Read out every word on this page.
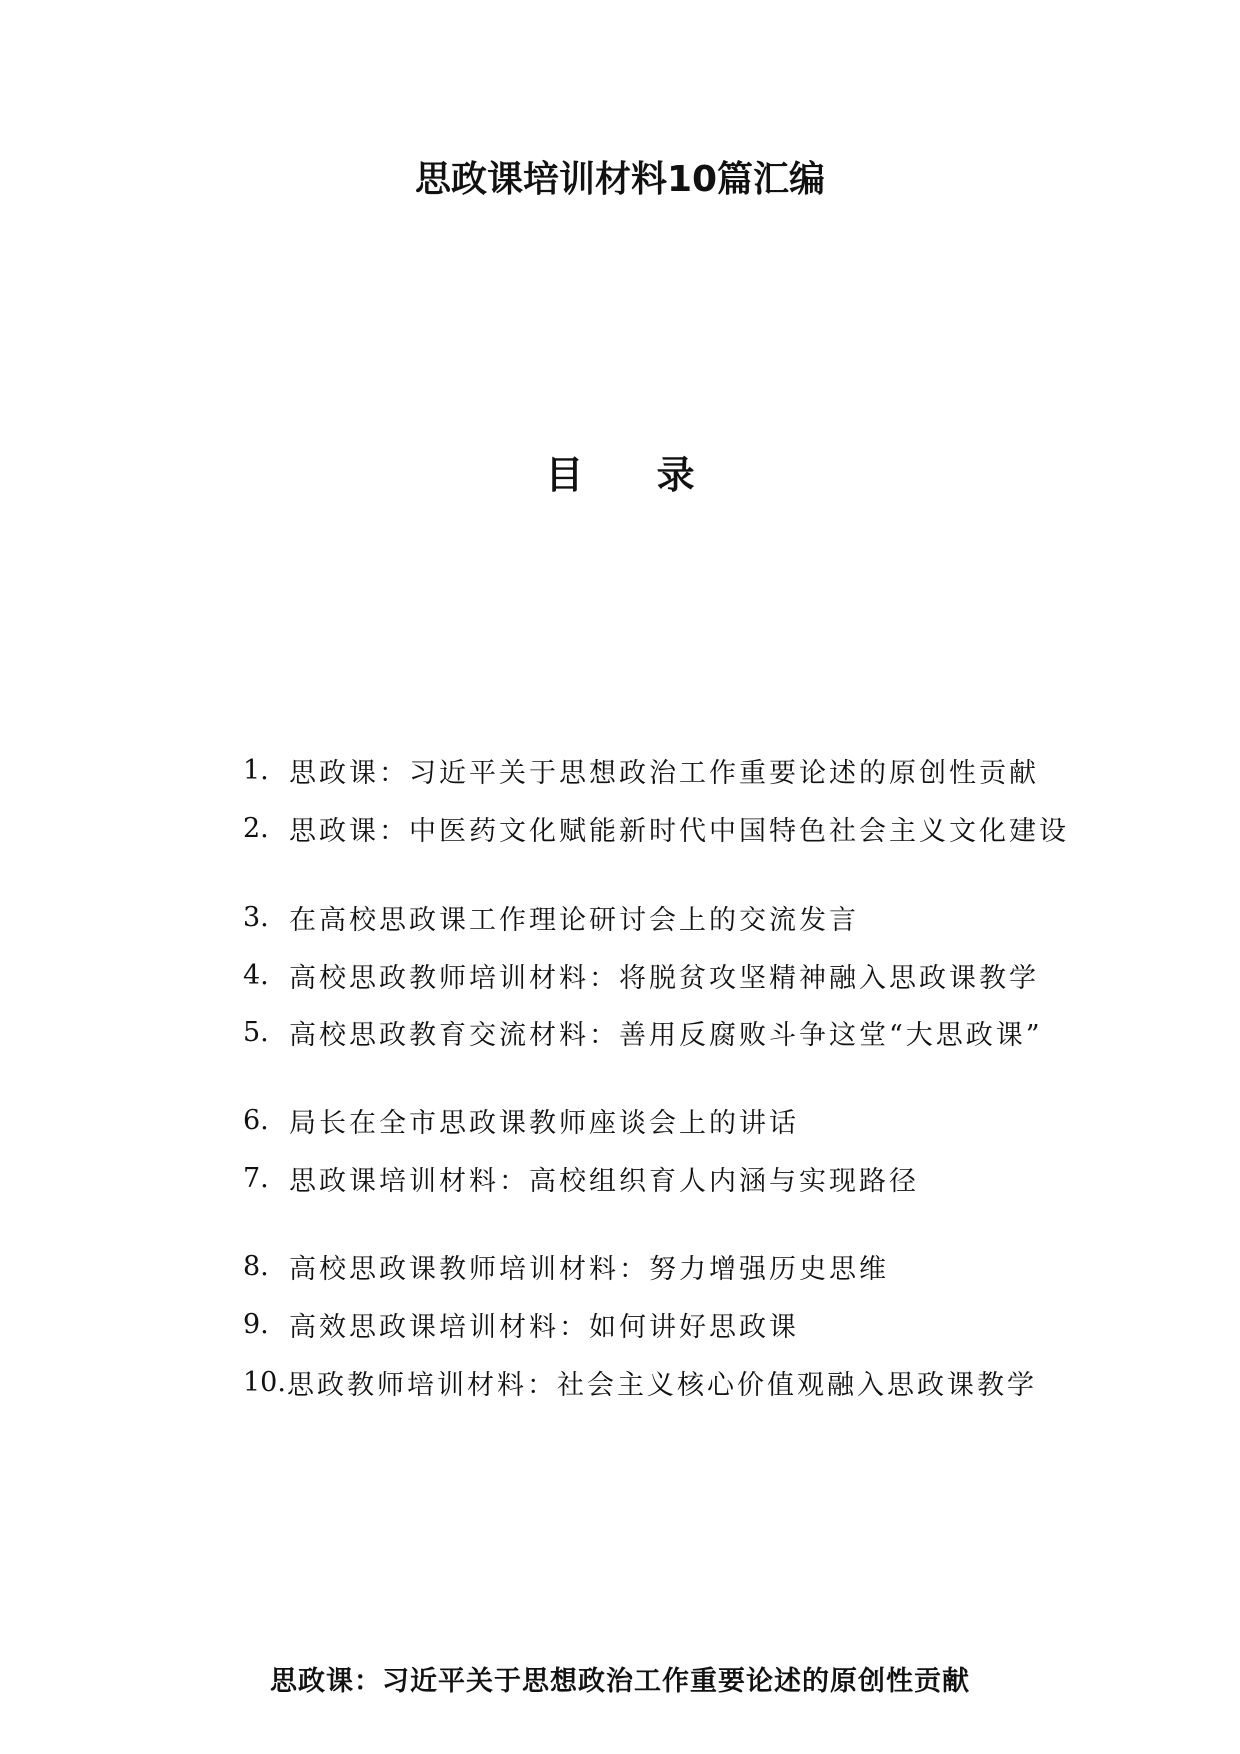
思政课培训材料10篇汇编
目 录
1. 思政课：习近平关于思想政治工作重要论述的原创性贡献
2. 思政课：中医药文化赋能新时代中国特色社会主义文化建设
3. 在高校思政课工作理论研讨会上的交流发言
4. 高校思政教师培训材料：将脱贫攻坚精神融入思政课教学
5. 高校思政教育交流材料：善用反腐败斗争这堂“大思政课”
6. 局长在全市思政课教师座谈会上的讲话
7. 思政课培训材料：高校组织育人内涵与实现路径
8. 高校思政课教师培训材料：努力增强历史思维
9. 高效思政课培训材料：如何讲好思政课
10. 思政教师培训材料：社会主义核心价值观融入思政课教学
思政课：习近平关于思想政治工作重要论述的原创性贡献
